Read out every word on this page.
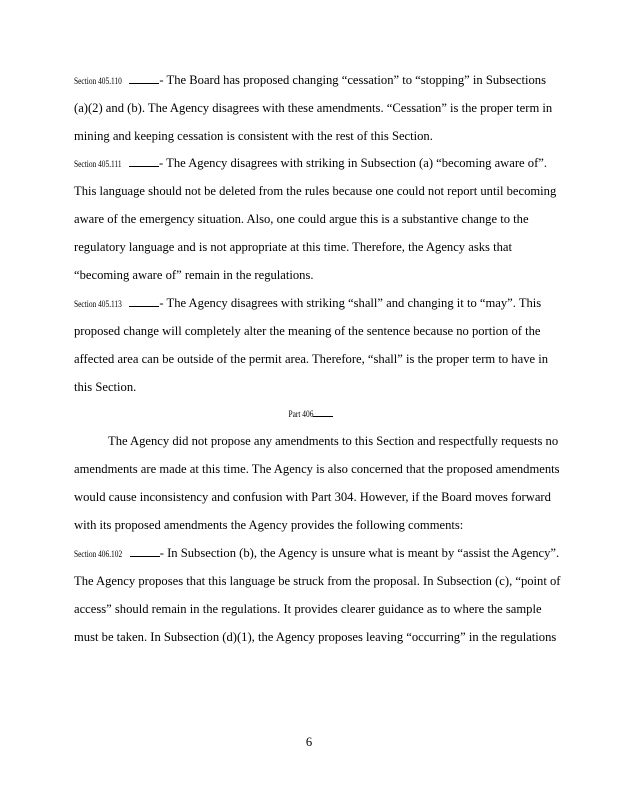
Section 405.110	- The Board has proposed changing “cessation” to “stopping” in Subsections
(a)(2) and (b). The Agency disagrees with these amendments. “Cessation” is the proper term in
mining and keeping cessation is consistent with the rest of this Section.
Section 405.111	- The Agency disagrees with striking in Subsection (a) “becoming aware of”.
This language should not be deleted from the rules because one could not report until becoming
aware of the emergency situation. Also, one could argue this is a substantive change to the
regulatory language and is not appropriate at this time. Therefore, the Agency asks that
“becoming aware of” remain in the regulations.
Section 405.113	- The Agency disagrees with striking “shall” and changing it to “may”. This
proposed change will completely alter the meaning of the sentence because no portion of the
affected area can be outside of the permit area. Therefore, “shall” is the proper term to have in
this Section.
Part 406
The Agency did not propose any amendments to this Section and respectfully requests no
amendments are made at this time. The Agency is also concerned that the proposed amendments
would cause inconsistency and confusion with Part 304. However, if the Board moves forward
with its proposed amendments the Agency provides the following comments:
Section 406.102	- In Subsection (b), the Agency is unsure what is meant by “assist the Agency”.
The Agency proposes that this language be struck from the proposal. In Subsection (c), “point of
access” should remain in the regulations. It provides clearer guidance as to where the sample
must be taken. In Subsection (d)(1), the Agency proposes leaving “occurring” in the regulations
6
